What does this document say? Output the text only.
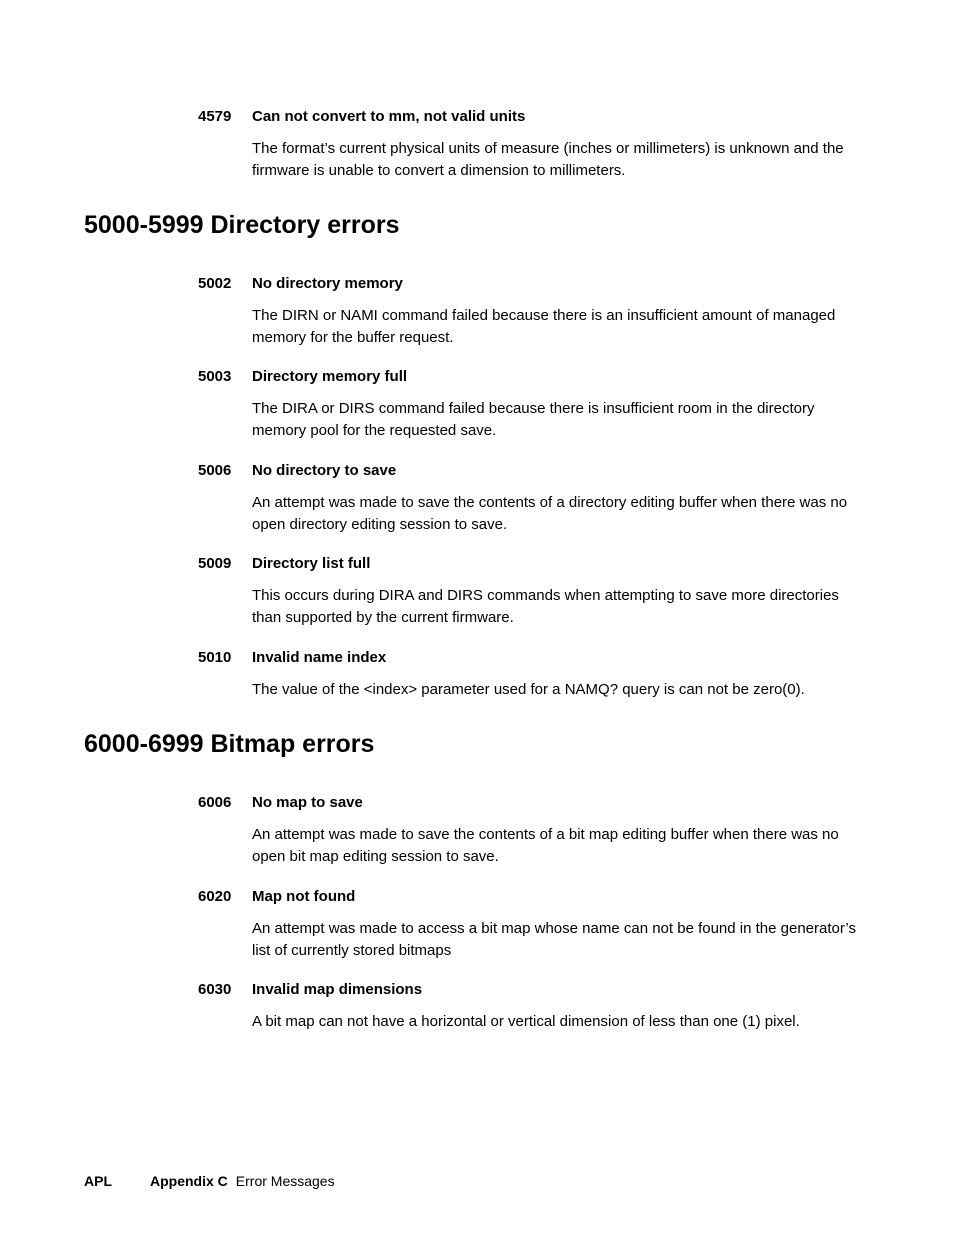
4579	Can not convert to mm, not valid units
The format’s current physical units of measure (inches or millimeters) is unknown and the firmware is unable to convert a dimension to millimeters.
5000-5999 Directory errors
5002	No directory memory
The DIRN or NAMI command failed because there is an insufficient amount of managed memory for the buffer request.
5003	Directory memory full
The DIRA or DIRS command failed because there is insufficient room in the directory memory pool for the requested save.
5006	No directory to save
An attempt was made to save the contents of a directory editing buffer when there was no open directory editing session to save.
5009	Directory list full
This occurs during DIRA and DIRS commands when attempting to save more directories than supported by the current firmware.
5010	Invalid name index
The value of the <index> parameter used for a NAMQ? query is can not be zero(0).
6000-6999 Bitmap errors
6006	No map to save
An attempt was made to save the contents of a bit map editing buffer when there was no open bit map editing session to save.
6020	Map not found
An attempt was made to access a bit map whose name can not be found in the generator’s list of currently stored bitmaps
6030	Invalid map dimensions
A bit map can not have a horizontal or vertical dimension of less than one (1) pixel.
APL	Appendix C Error Messages
